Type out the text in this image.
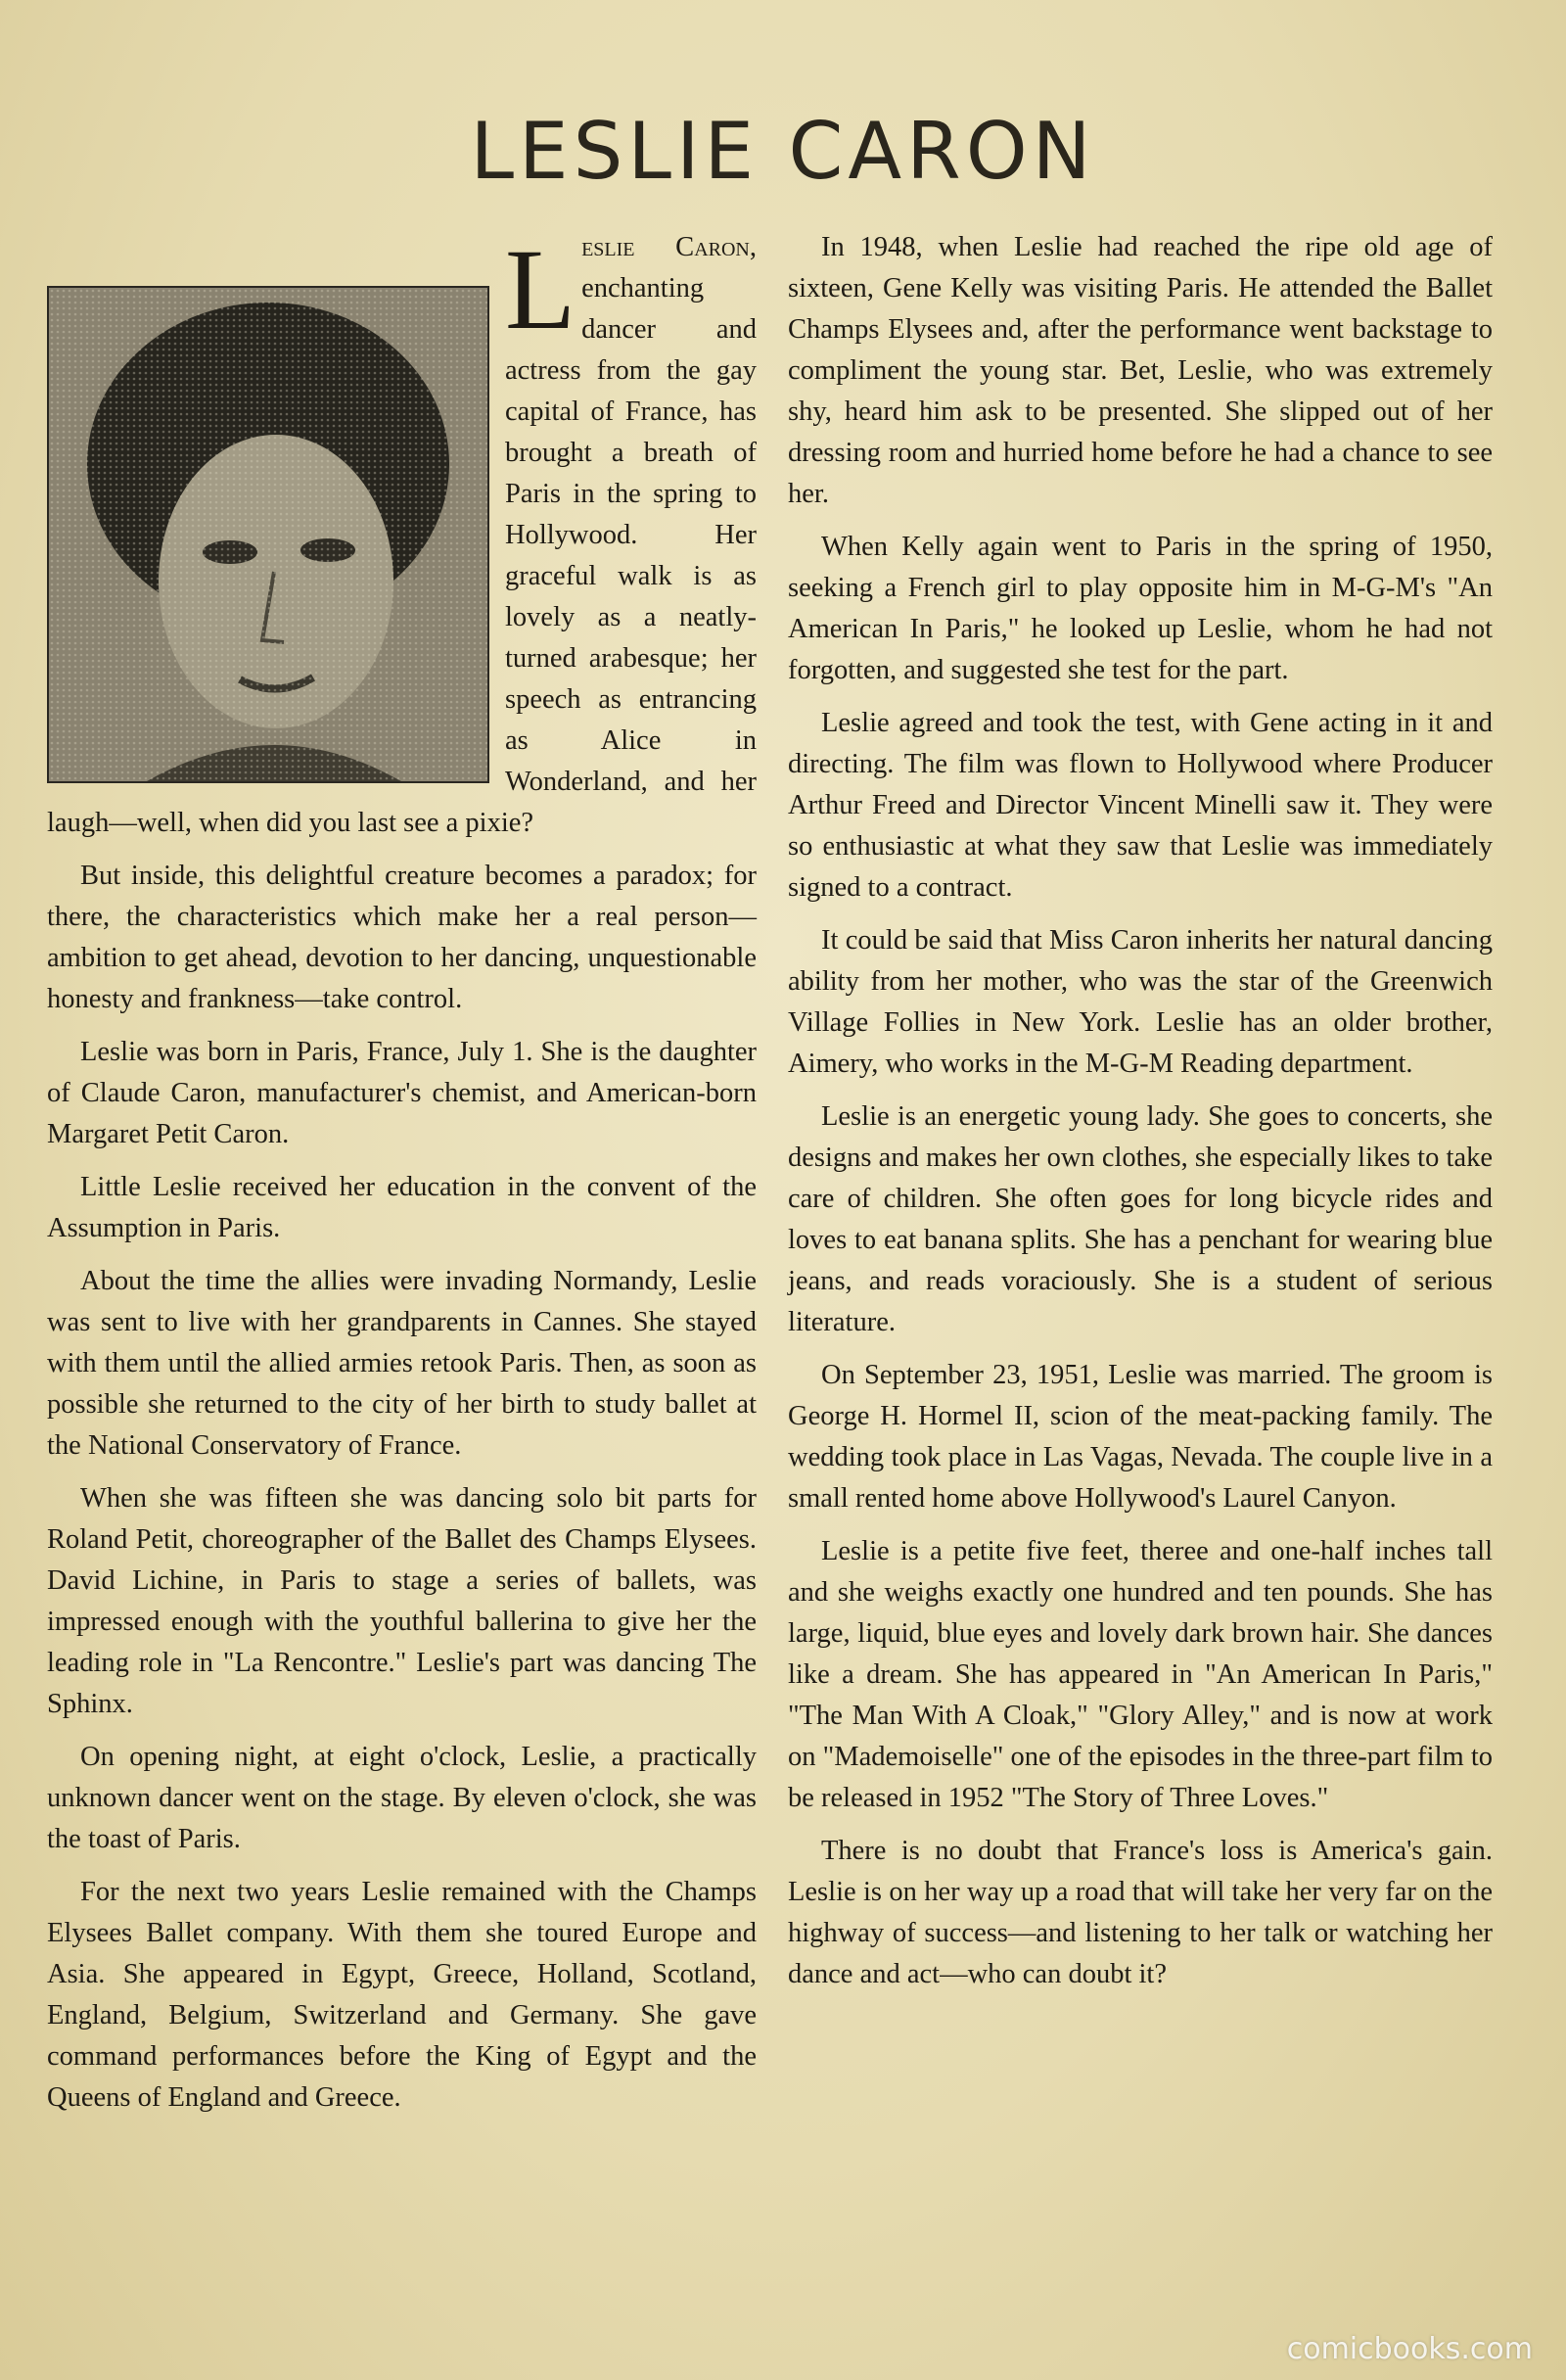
LESLIE CARON

Leslie Caron, enchanting dancer and actress from the gay capital of France, has brought a breath of Paris in the spring to Hollywood. Her graceful walk is as lovely as a neatly-turned arabesque; her speech as entrancing as Alice in Wonderland, and her laugh—well, when did you last see a pixie?

But inside, this delightful creature becomes a paradox; for there, the characteristics which make her a real person—ambition to get ahead, devotion to her dancing, unquestionable honesty and frankness—take control.

Leslie was born in Paris, France, July 1. She is the daughter of Claude Caron, manufacturer's chemist, and American-born Margaret Petit Caron.

Little Leslie received her education in the convent of the Assumption in Paris.

About the time the allies were invading Normandy, Leslie was sent to live with her grandparents in Cannes. She stayed with them until the allied armies retook Paris. Then, as soon as possible she returned to the city of her birth to study ballet at the National Conservatory of France.

When she was fifteen she was dancing solo bit parts for Roland Petit, choreographer of the Ballet des Champs Elysees. David Lichine, in Paris to stage a series of ballets, was impressed enough with the youthful ballerina to give her the leading role in "La Rencontre." Leslie's part was dancing The Sphinx.

On opening night, at eight o'clock, Leslie, a practically unknown dancer went on the stage. By eleven o'clock, she was the toast of Paris.

For the next two years Leslie remained with the Champs Elysees Ballet company. With them she toured Europe and Asia. She appeared in Egypt, Greece, Holland, Scotland, England, Belgium, Switzerland and Germany. She gave command performances before the King of Egypt and the Queens of England and Greece.

In 1948, when Leslie had reached the ripe old age of sixteen, Gene Kelly was visiting Paris. He attended the Ballet Champs Elysees and, after the performance went backstage to compliment the young star. Bet, Leslie, who was extremely shy, heard him ask to be presented. She slipped out of her dressing room and hurried home before he had a chance to see her.

When Kelly again went to Paris in the spring of 1950, seeking a French girl to play opposite him in M-G-M's "An American In Paris," he looked up Leslie, whom he had not forgotten, and suggested she test for the part.

Leslie agreed and took the test, with Gene acting in it and directing. The film was flown to Hollywood where Producer Arthur Freed and Director Vincent Minelli saw it. They were so enthusiastic at what they saw that Leslie was immediately signed to a contract.

It could be said that Miss Caron inherits her natural dancing ability from her mother, who was the star of the Greenwich Village Follies in New York. Leslie has an older brother, Aimery, who works in the M-G-M Reading department.

Leslie is an energetic young lady. She goes to concerts, she designs and makes her own clothes, she especially likes to take care of children. She often goes for long bicycle rides and loves to eat banana splits. She has a penchant for wearing blue jeans, and reads voraciously. She is a student of serious literature.

On September 23, 1951, Leslie was married. The groom is George H. Hormel II, scion of the meat-packing family. The wedding took place in Las Vagas, Nevada. The couple live in a small rented home above Hollywood's Laurel Canyon.

Leslie is a petite five feet, theree and one-half inches tall and she weighs exactly one hundred and ten pounds. She has large, liquid, blue eyes and lovely dark brown hair. She dances like a dream. She has appeared in "An American In Paris," "The Man With A Cloak," "Glory Alley," and is now at work on "Mademoiselle" one of the episodes in the three-part film to be released in 1952 "The Story of Three Loves."

There is no doubt that France's loss is America's gain. Leslie is on her way up a road that will take her very far on the highway of success—and listening to her talk or watching her dance and act—who can doubt it?

comicbooks.com
